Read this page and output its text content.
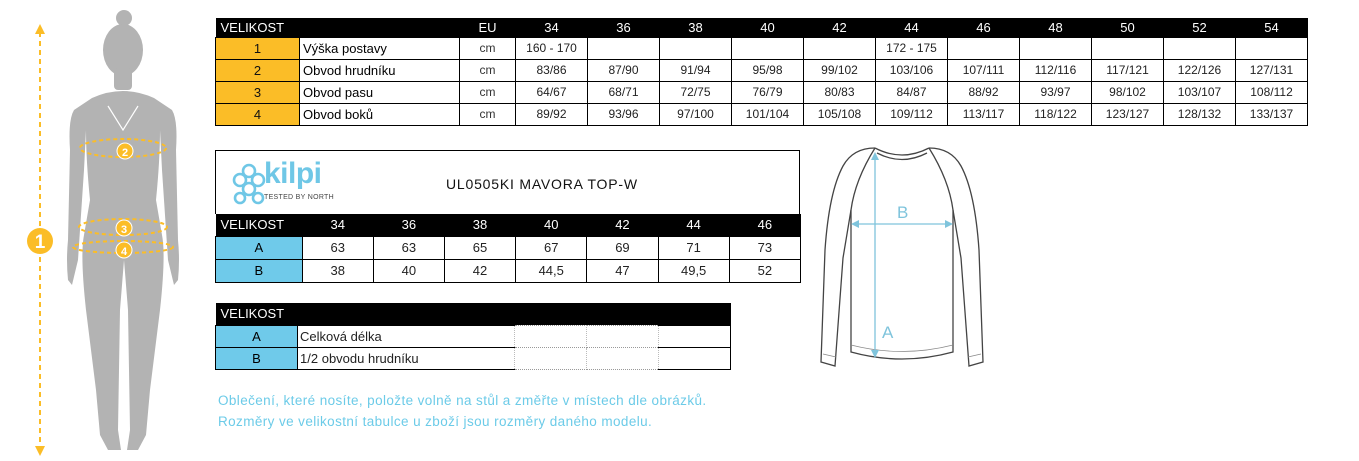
1
2
3
4
VELIKOST		EU	34	36	38	40	42	44	46	48	50	52	54
1	Výška postavy	cm	160 - 170					172 - 175					
2	Obvod hrudníku	cm	83/86	87/90	91/94	95/98	99/102	103/106	107/111	112/116	117/121	122/126	127/131
3	Obvod pasu	cm	64/67	68/71	72/75	76/79	80/83	84/87	88/92	93/97	98/102	103/107	108/112
4	Obvod boků	cm	89/92	93/96	97/100	101/104	105/108	109/112	113/117	118/122	123/127	128/132	133/137
kilpi
TESTED BY NORTH
UL0505KI MAVORA TOP-W
VELIKOST	34	36	38	40	42	44	46
A	63	63	65	67	69	71	73
B	38	40	42	44,5	47	49,5	52
VELIKOST				
A	Celková délka			
B	1/2 obvodu hrudníku			
A
B
Oblečení, které nosíte, položte volně na stůl a změřte v místech dle obrázků.
Rozměry ve velikostní tabulce u zboží jsou rozměry daného modelu.
